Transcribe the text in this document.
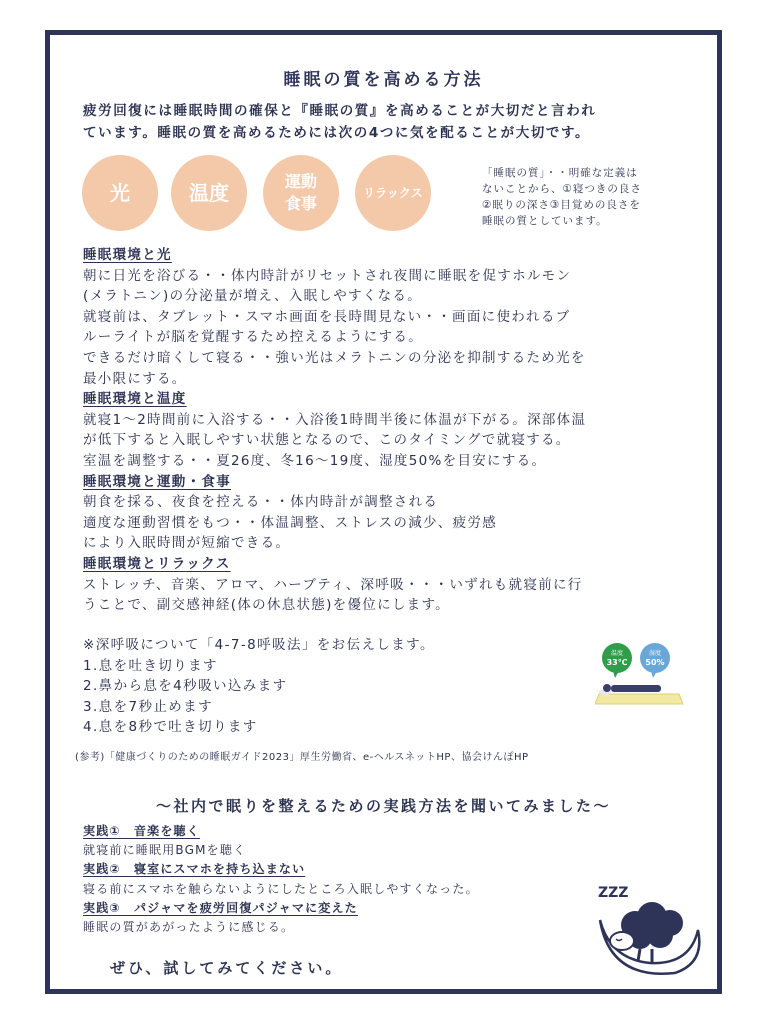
睡眠の質を高める方法
疲労回復には睡眠時間の確保と『睡眠の質』を高めることが大切だと言われ
ています。睡眠の質を高めるためには次の4つに気を配ることが大切です。
光	温度	運動
食事
リラックス
「睡眠の質」・・明確な定義は
ないことから、①寝つきの良さ
②眠りの深さ③目覚めの良さを
睡眠の質としています。
睡眠環境と光
朝に日光を浴びる・・体内時計がリセットされ夜間に睡眠を促すホルモン
(メラトニン)の分泌量が増え、入眠しやすくなる。
就寝前は、タブレット・スマホ画面を長時間見ない・・画面に使われるブ
ルーライトが脳を覚醒するため控えるようにする。
できるだけ暗くして寝る・・強い光はメラトニンの分泌を抑制するため光を
最小限にする。
睡眠環境と温度
就寝1～2時間前に入浴する・・入浴後1時間半後に体温が下がる。深部体温
が低下すると入眠しやすい状態となるので、このタイミングで就寝する。
室温を調整する・・夏26度、冬16～19度、湿度50%を目安にする。
睡眠環境と運動・食事
朝食を採る、夜食を控える・・体内時計が調整される
適度な運動習慣をもつ・・体温調整、ストレスの減少、疲労感
により入眠時間が短縮できる。
睡眠環境とリラックス
ストレッチ、音楽、アロマ、ハーブティ、深呼吸・・・いずれも就寝前に行
うことで、副交感神経(体の休息状態)を優位にします。
※深呼吸について「4-7-8呼吸法」をお伝えします。
1.息を吐き切ります
2.鼻から息を4秒吸い込みます
3.息を7秒止めます
4.息を8秒で吐き切ります
温度
33℃
湿度
50%
(参考)「健康づくりのための睡眠ガイド2023」厚生労働省、e-ヘルスネットHP、協会けんぽHP
～社内で眠りを整えるための実践方法を聞いてみました～
実践①　音楽を聴く
就寝前に睡眠用BGMを聴く
実践②　寝室にスマホを持ち込まない
寝る前にスマホを触らないようにしたところ入眠しやすくなった。
実践③　パジャマを疲労回復パジャマに変えた
睡眠の質があがったように感じる。
ZZZ
ぜひ、試してみてください。
